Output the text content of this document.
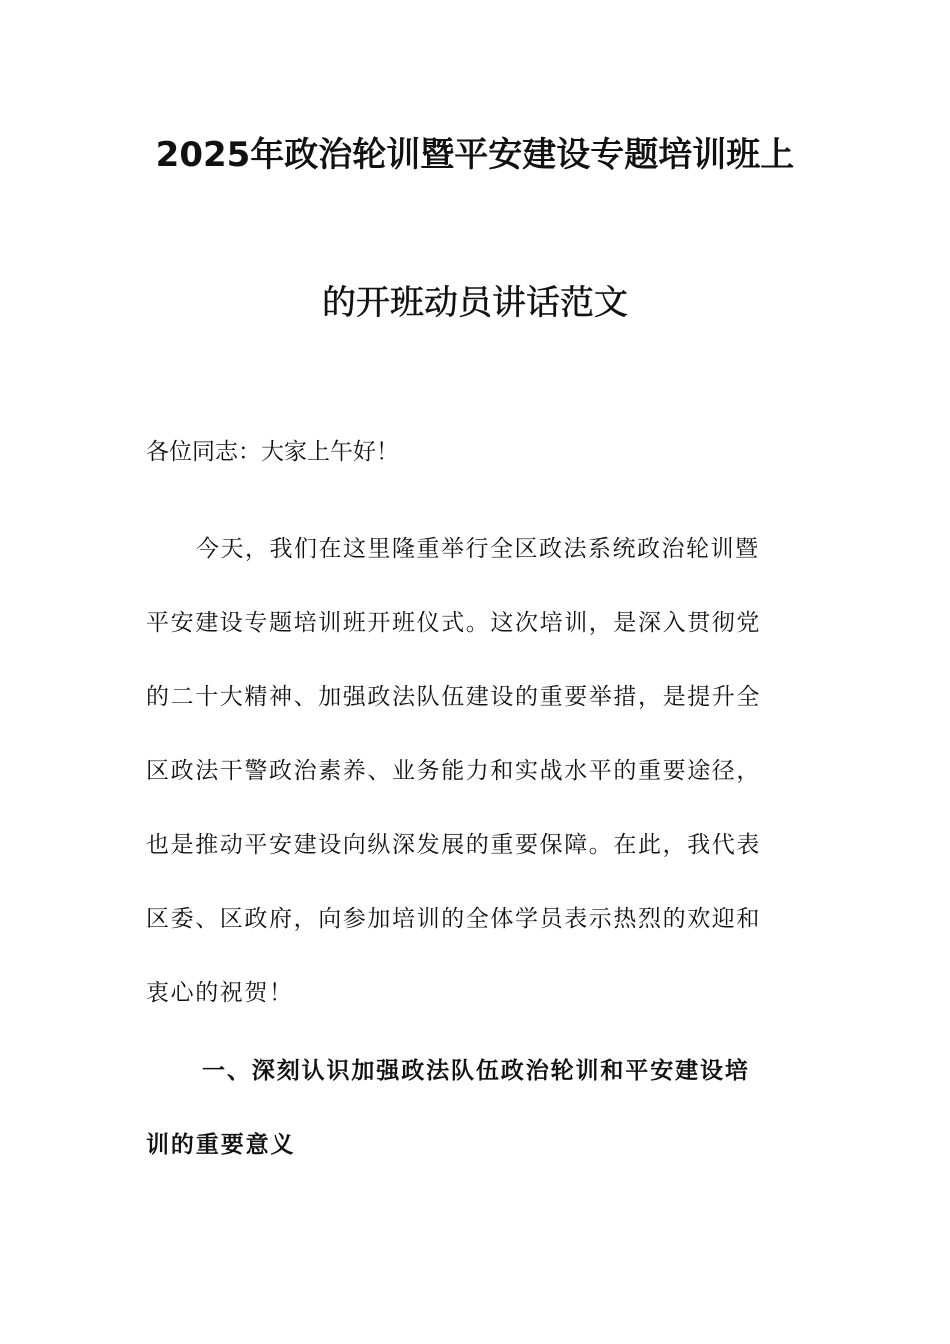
2025年政治轮训暨平安建设专题培训班上
的开班动员讲话范文
各位同志：大家上午好！
今天，我们在这里隆重举行全区政法系统政治轮训暨
平安建设专题培训班开班仪式。这次培训，是深入贯彻党
的二十大精神、加强政法队伍建设的重要举措，是提升全
区政法干警政治素养、业务能力和实战水平的重要途径，
也是推动平安建设向纵深发展的重要保障。在此，我代表
区委、区政府，向参加培训的全体学员表示热烈的欢迎和
衷心的祝贺！
一、深刻认识加强政法队伍政治轮训和平安建设培
训的重要意义
